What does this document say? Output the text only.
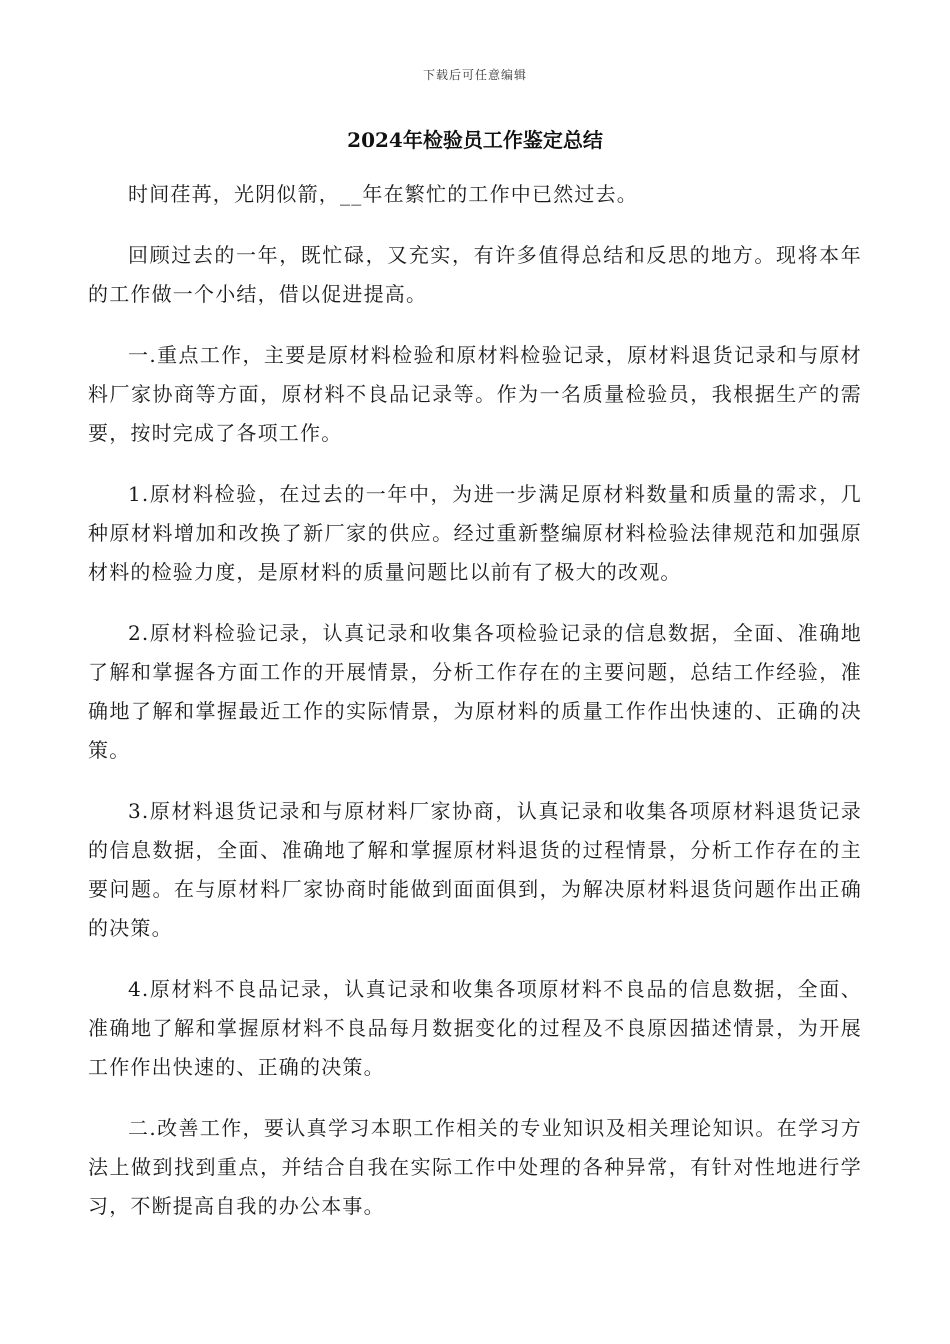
下载后可任意编辑
2024年检验员工作鉴定总结

时间荏苒，光阴似箭，__年在繁忙的工作中已然过去。

回顾过去的一年，既忙碌，又充实，有许多值得总结和反思的地方。现将本年的工作做一个小结，借以促进提高。

一.重点工作，主要是原材料检验和原材料检验记录，原材料退货记录和与原材料厂家协商等方面，原材料不良品记录等。作为一名质量检验员，我根据生产的需要，按时完成了各项工作。

1.原材料检验，在过去的一年中，为进一步满足原材料数量和质量的需求，几种原材料增加和改换了新厂家的供应。经过重新整编原材料检验法律规范和加强原材料的检验力度，是原材料的质量问题比以前有了极大的改观。

2.原材料检验记录，认真记录和收集各项检验记录的信息数据，全面、准确地了解和掌握各方面工作的开展情景，分析工作存在的主要问题，总结工作经验，准确地了解和掌握最近工作的实际情景，为原材料的质量工作作出快速的、正确的决策。

3.原材料退货记录和与原材料厂家协商，认真记录和收集各项原材料退货记录的信息数据，全面、准确地了解和掌握原材料退货的过程情景，分析工作存在的主要问题。在与原材料厂家协商时能做到面面俱到，为解决原材料退货问题作出正确的决策。

4.原材料不良品记录，认真记录和收集各项原材料不良品的信息数据，全面、准确地了解和掌握原材料不良品每月数据变化的过程及不良原因描述情景，为开展工作作出快速的、正确的决策。

二.改善工作，要认真学习本职工作相关的专业知识及相关理论知识。在学习方法上做到找到重点，并结合自我在实际工作中处理的各种异常，有针对性地进行学习，不断提高自我的办公本事。
